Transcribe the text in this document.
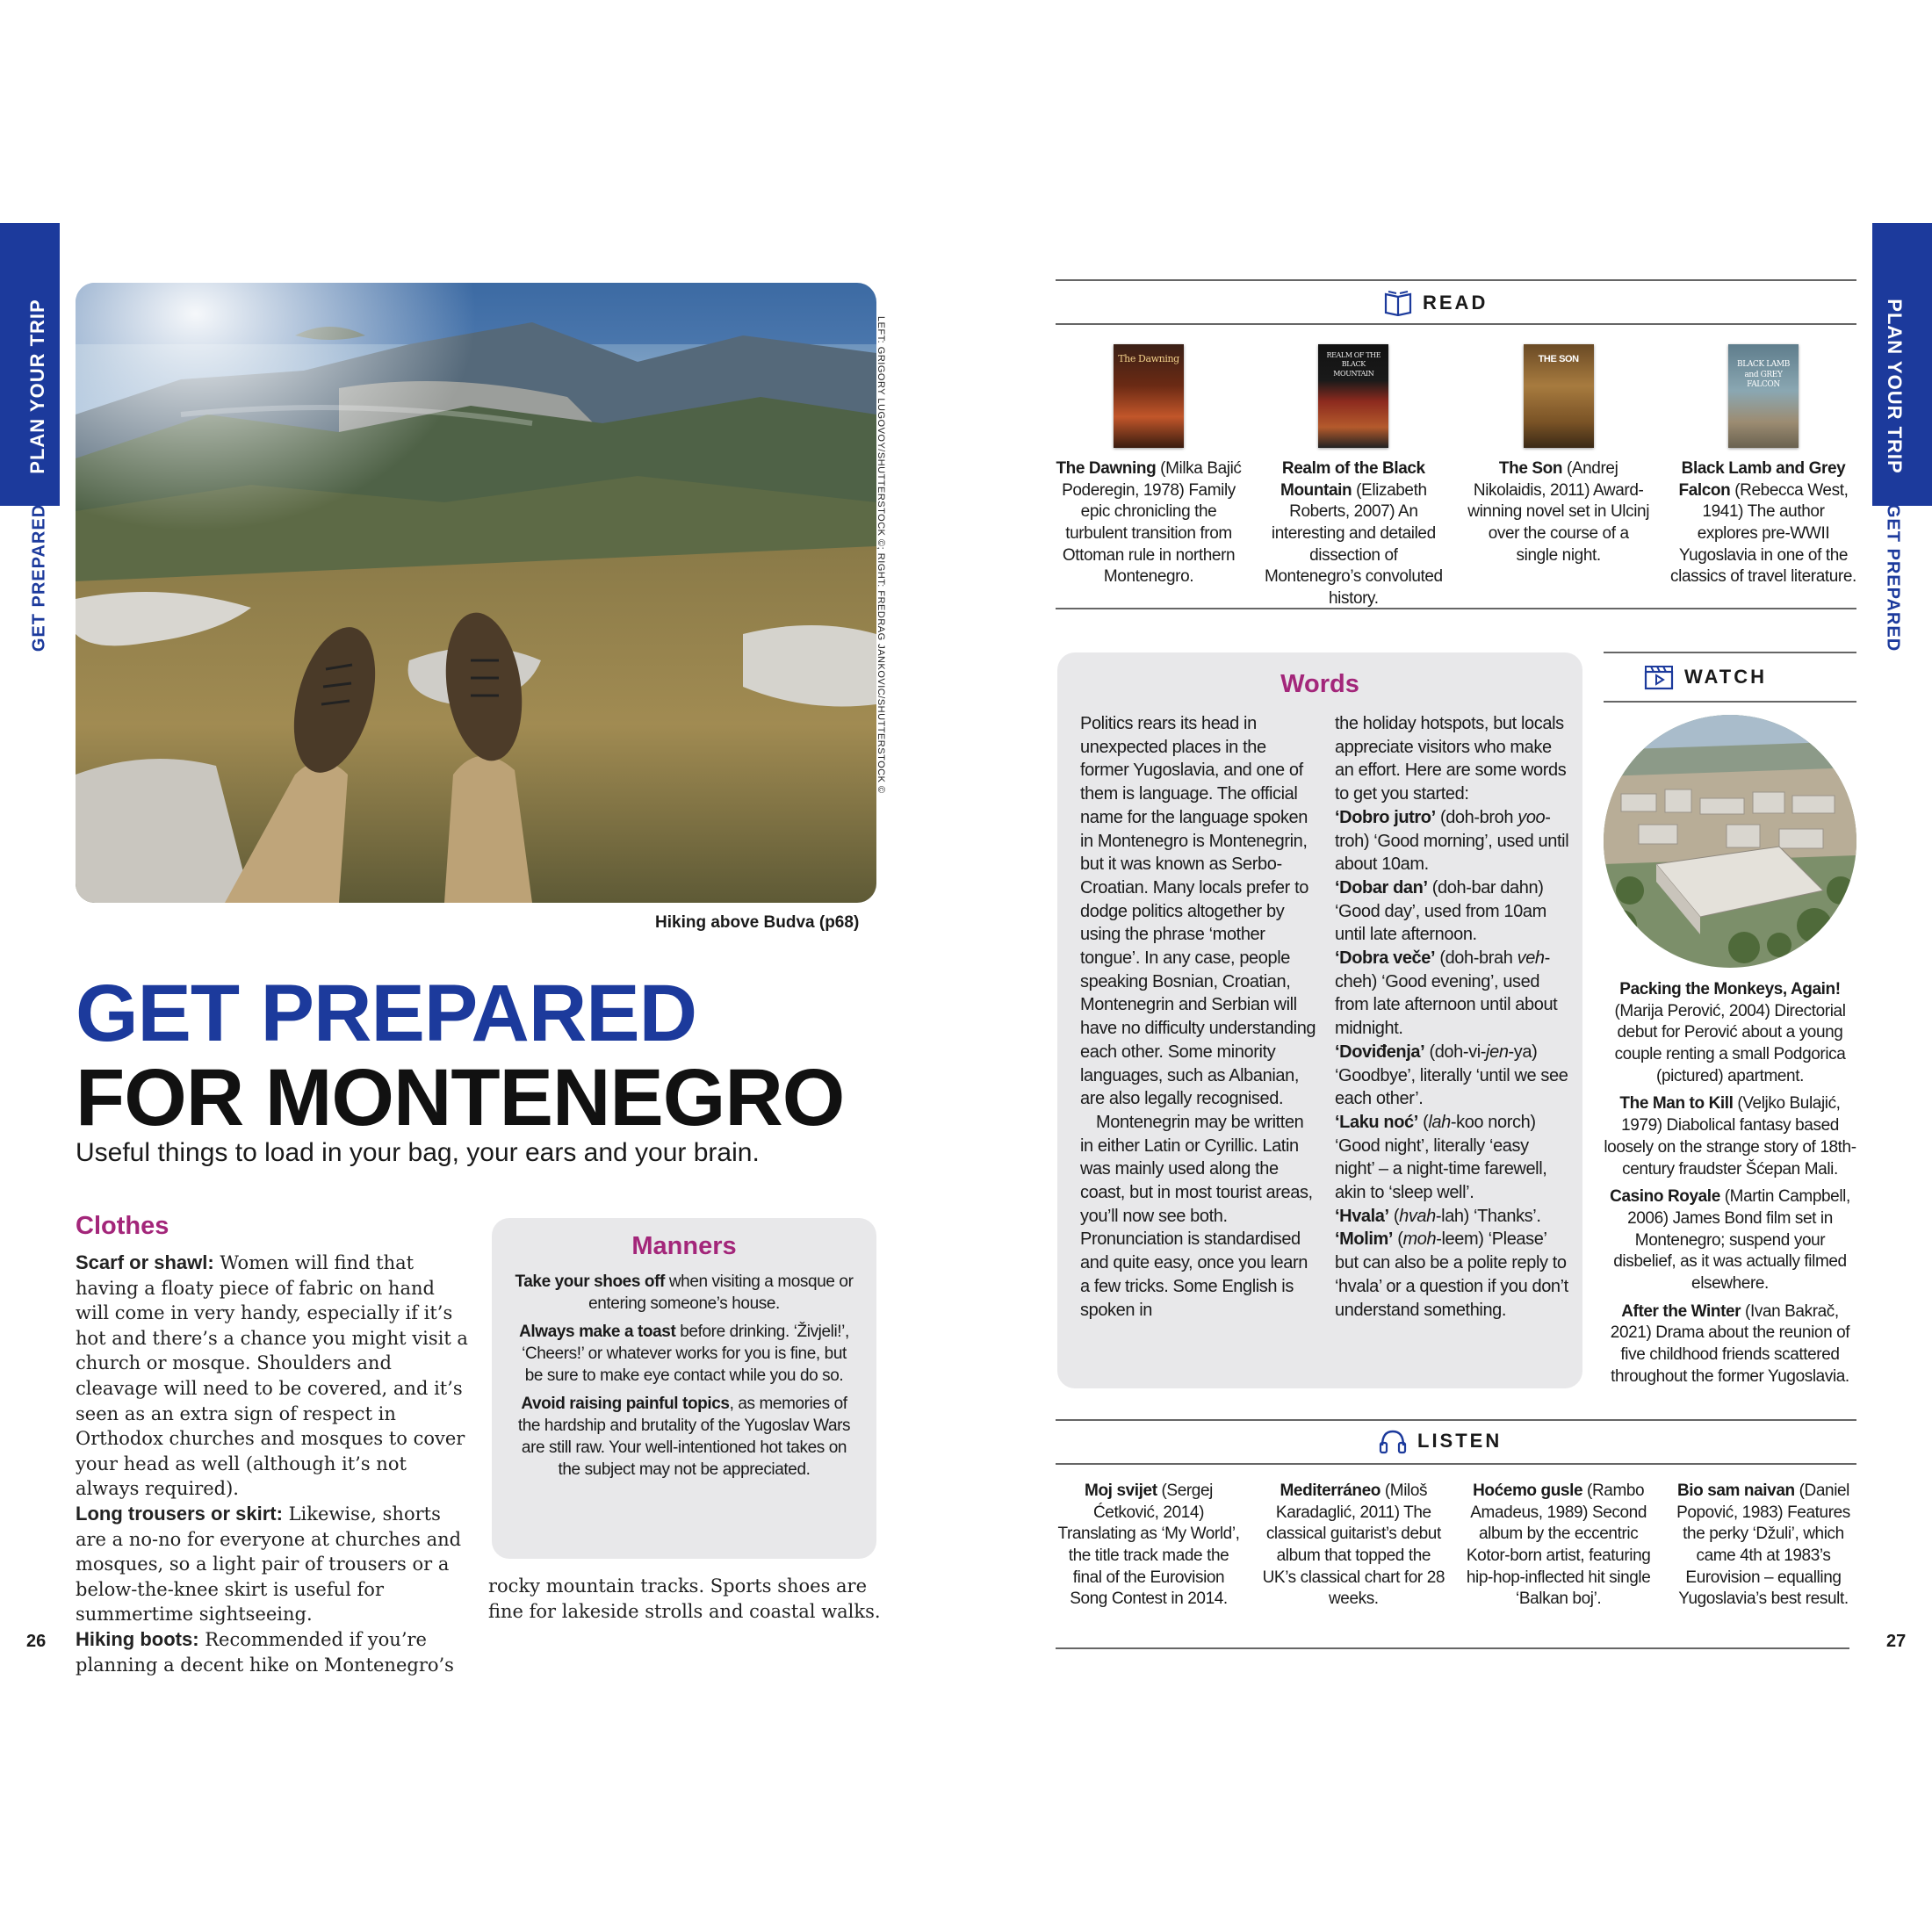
PLAN YOUR TRIP
GET PREPARED
PLAN YOUR TRIP
GET PREPARED
LEFT: GRIGORY LUGOVOY/SHUTTERSTOCK ©; RIGHT: FREDRAG JANKOVIC/SHUTTERSTOCK ©
Hiking above Budva (p68)
GET PREPARED
FOR MONTENEGRO
Useful things to load in your bag, your ears and your brain.
Clothes
Scarf or shawl: Women will find that having a floaty piece of fabric on hand will come in very handy, especially if it’s hot and there’s a chance you might visit a church or mosque. Shoulders and cleavage will need to be covered, and it’s seen as an extra sign of respect in Orthodox churches and mosques to cover your head as well (although it’s not always required).
Long trousers or skirt: Likewise, shorts are a no-no for everyone at churches and mosques, so a light pair of trousers or a below-the-knee skirt is useful for summertime sightseeing.
Hiking boots: Recommended if you’re planning a decent hike on Montenegro’s
rocky mountain tracks. Sports shoes are fine for lakeside strolls and coastal walks.
Manners

Take your shoes off when visiting a mosque or entering someone’s house.

Always make a toast before drinking. ‘Živjeli!’, ‘Cheers!’ or whatever works for you is fine, but be sure to make eye contact while you do so.

Avoid raising painful topics, as memories of the hardship and brutality of the Yugoslav Wars are still raw. Your well-intentioned hot takes on the subject may not be appreciated.

26
READ
The Dawning
The Dawning (Milka Bajić Poderegin, 1978) Family epic chronicling the turbulent transition from Ottoman rule in northern Montenegro.
REALM OF THE BLACK MOUNTAIN
Realm of the Black Mountain (Elizabeth Roberts, 2007) An interesting and detailed dissection of Montenegro’s convoluted history.
THE SON
The Son (Andrej Nikolaidis, 2011) Award-winning novel set in Ulcinj over the course of a single night.
BLACK LAMB and GREY FALCON
Black Lamb and Grey Falcon (Rebecca West, 1941) The author explores pre-WWII Yugoslavia in one of the classics of travel literature.
Words

Politics rears its head in unexpected places in the former Yugoslavia, and one of them is language. The official name for the language spoken in Montenegro is Montenegrin, but it was known as Serbo-Croatian. Many locals prefer to dodge politics altogether by using the phrase ‘mother tongue’. In any case, people speaking Bosnian, Croatian, Montenegrin and Serbian will have no difficulty understanding each other. Some minority languages, such as Albanian, are also legally recognised.

Montenegrin may be written in either Latin or Cyrillic. Latin was mainly used along the coast, but in most tourist areas, you’ll now see both. Pronunciation is standardised and quite easy, once you learn a few tricks. Some English is spoken in

the holiday hotspots, but locals appreciate visitors who make an effort. Here are some words to get you started:

‘Dobro jutro’ (doh-broh yoo-troh) ‘Good morning’, used until about 10am.

‘Dobar dan’ (doh-bar dahn) ‘Good day’, used from 10am until late afternoon.

‘Dobra veče’ (doh-brah veh-cheh) ‘Good evening’, used from late afternoon until about midnight.

‘Doviđenja’ (doh-vi-jen-ya) ‘Goodbye’, literally ‘until we see each other’.

‘Laku noć’ (lah-koo norch) ‘Good night’, literally ‘easy night’ – a night-time farewell, akin to ‘sleep well’.

‘Hvala’ (hvah-lah) ‘Thanks’.

‘Molim’ (moh-leem) ‘Please’ but can also be a polite reply to ‘hvala’ or a question if you don’t understand something.

WATCH
Packing the Monkeys, Again! (Marija Perović, 2004) Directorial debut for Perović about a young couple renting a small Podgorica (pictured) apartment.
The Man to Kill (Veljko Bulajić, 1979) Diabolical fantasy based loosely on the strange story of 18th-century fraudster Šćepan Mali.
Casino Royale (Martin Campbell, 2006) James Bond film set in Montenegro; suspend your disbelief, as it was actually filmed elsewhere.
After the Winter (Ivan Bakrač, 2021) Drama about the reunion of five childhood friends scattered throughout the former Yugoslavia.
LISTEN
Moj svijet (Sergej Ćetković, 2014) Translating as ‘My World’, the title track made the final of the Eurovision Song Contest in 2014.
Mediterráneo (Miloš Karadaglić, 2011) The classical guitarist’s debut album that topped the UK’s classical chart for 28 weeks.
Hoćemo gusle (Rambo Amadeus, 1989) Second album by the eccentric Kotor-born artist, featuring hip-hop-inflected hit single ‘Balkan boj’.
Bio sam naivan (Daniel Popović, 1983) Features the perky ‘Džuli’, which came 4th at 1983’s Eurovision – equalling Yugoslavia’s best result.
27
